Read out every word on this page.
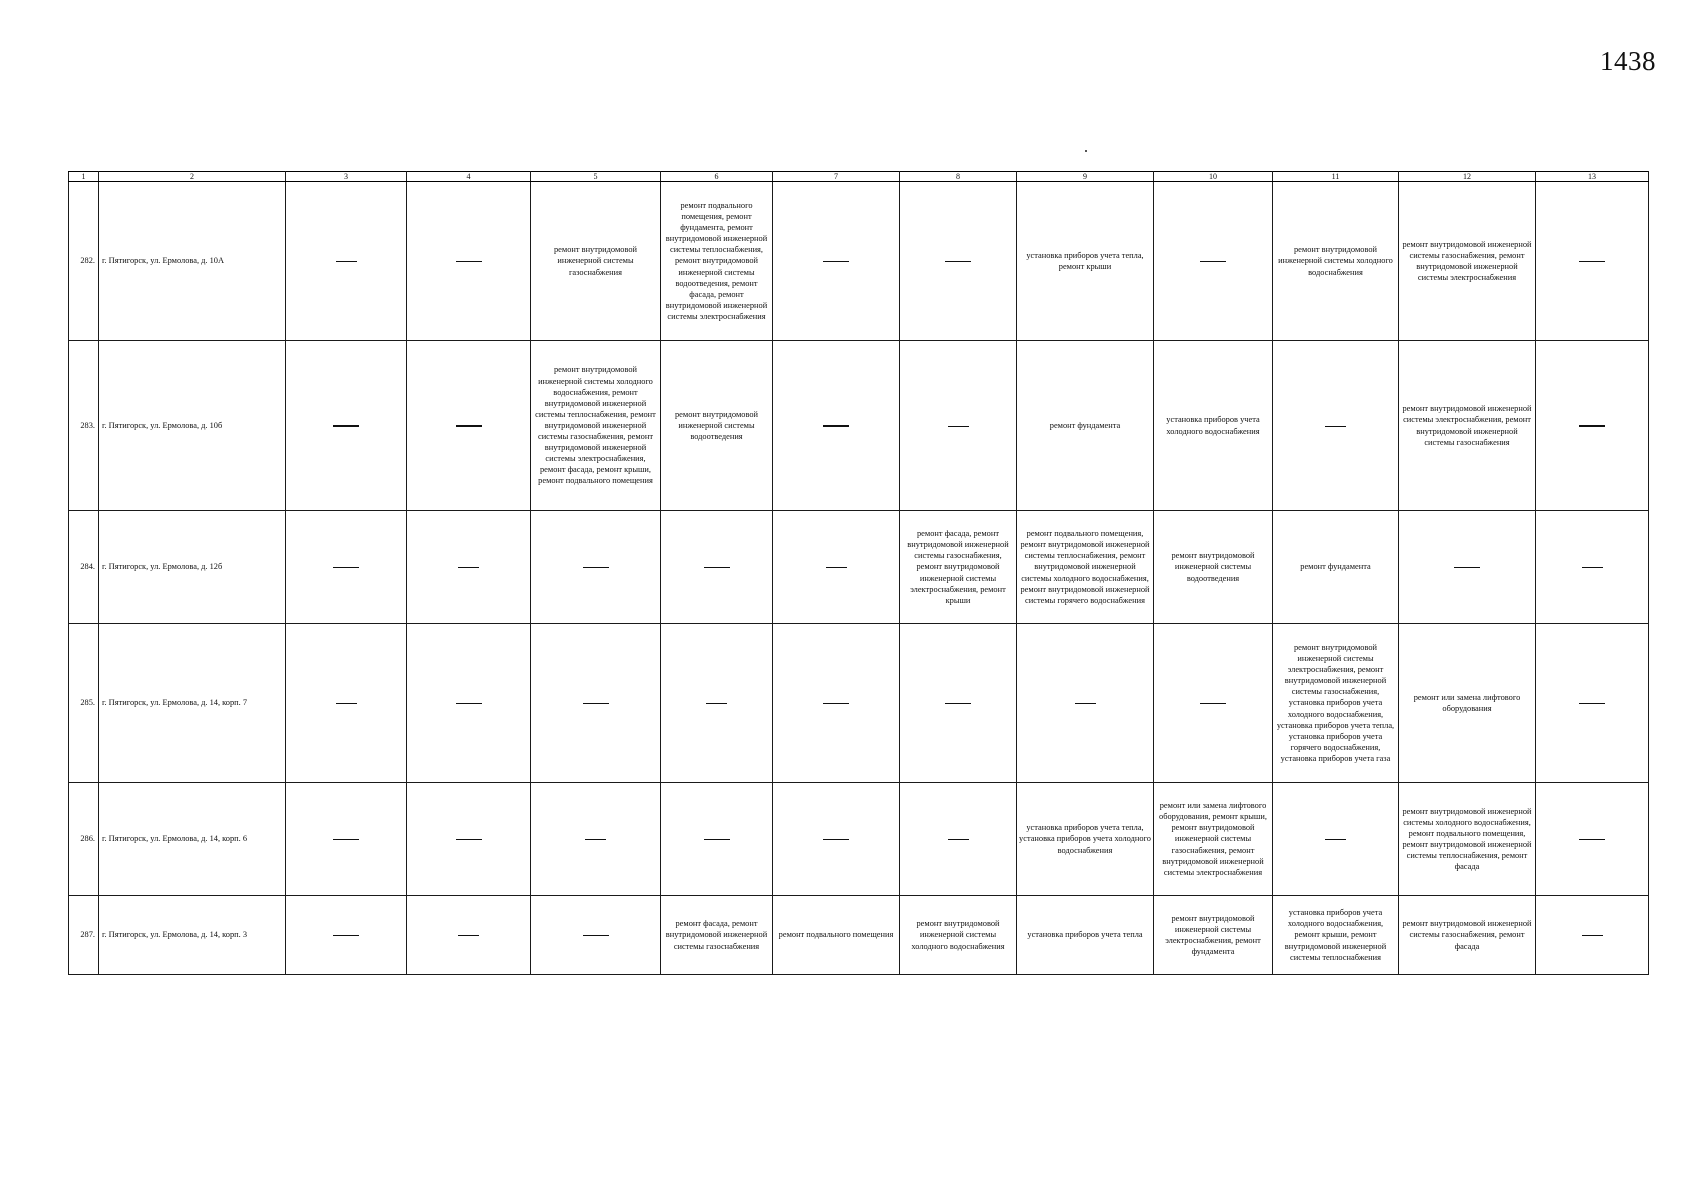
1438
1	2	3	4	5	6	7	8	9	10	11	12	13
282.	г. Пятигорск, ул. Ермолова, д. 10А			ремонт внутридомовой инженерной системы газоснабжения	ремонт подвального помещения, ремонт фундамента, ремонт внутридомовой инженерной системы теплоснабжения, ремонт внутридомовой инженерной системы водоотведения, ремонт фасада, ремонт внутридомовой инженерной системы электроснабжения			установка приборов учета тепла, ремонт крыши		ремонт внутридомовой инженерной системы холодного водоснабжения	ремонт внутридомовой инженерной системы газоснабжения, ремонт внутридомовой инженерной системы электроснабжения	
283.	г. Пятигорск, ул. Ермолова, д. 10б			ремонт внутридомовой инженерной системы холодного водоснабжения, ремонт внутридомовой инженерной системы теплоснабжения, ремонт внутридомовой инженерной системы газоснабжения, ремонт внутридомовой инженерной системы электроснабжения, ремонт фасада, ремонт крыши, ремонт подвального помещения	ремонт внутридомовой инженерной системы водоотведения			ремонт фундамента	установка приборов учета холодного водоснабжения		ремонт внутридомовой инженерной системы электроснабжения, ремонт внутридомовой инженерной системы газоснабжения	
284.	г. Пятигорск, ул. Ермолова, д. 12б						ремонт фасада, ремонт внутридомовой инженерной системы газоснабжения, ремонт внутридомовой инженерной системы электроснабжения, ремонт крыши	ремонт подвального помещения, ремонт внутридомовой инженерной системы теплоснабжения, ремонт внутридомовой инженерной системы холодного водоснабжения, ремонт внутридомовой инженерной системы горячего водоснабжения	ремонт внутридомовой инженерной системы водоотведения	ремонт фундамента		
285.	г. Пятигорск, ул. Ермолова, д. 14, корп. 7									ремонт внутридомовой инженерной системы электроснабжения, ремонт внутридомовой инженерной системы газоснабжения, установка приборов учета холодного водоснабжения, установка приборов учета тепла, установка приборов учета горячего водоснабжения, установка приборов учета газа	ремонт или замена лифтового оборудования	
286.	г. Пятигорск, ул. Ермолова, д. 14, корп. 6							установка приборов учета тепла, установка приборов учета холодного водоснабжения	ремонт или замена лифтового оборудования, ремонт крыши, ремонт внутридомовой инженерной системы газоснабжения, ремонт внутридомовой инженерной системы электроснабжения		ремонт внутридомовой инженерной системы холодного водоснабжения, ремонт подвального помещения, ремонт внутридомовой инженерной системы теплоснабжения, ремонт фасада	
287.	г. Пятигорск, ул. Ермолова, д. 14, корп. 3				ремонт фасада, ремонт внутридомовой инженерной системы газоснабжения	ремонт подвального помещения	ремонт внутридомовой инженерной системы холодного водоснабжения	установка приборов учета тепла	ремонт внутридомовой инженерной системы электроснабжения, ремонт фундамента	установка приборов учета холодного водоснабжения, ремонт крыши, ремонт внутридомовой инженерной системы теплоснабжения	ремонт внутридомовой инженерной системы газоснабжения, ремонт фасада	
